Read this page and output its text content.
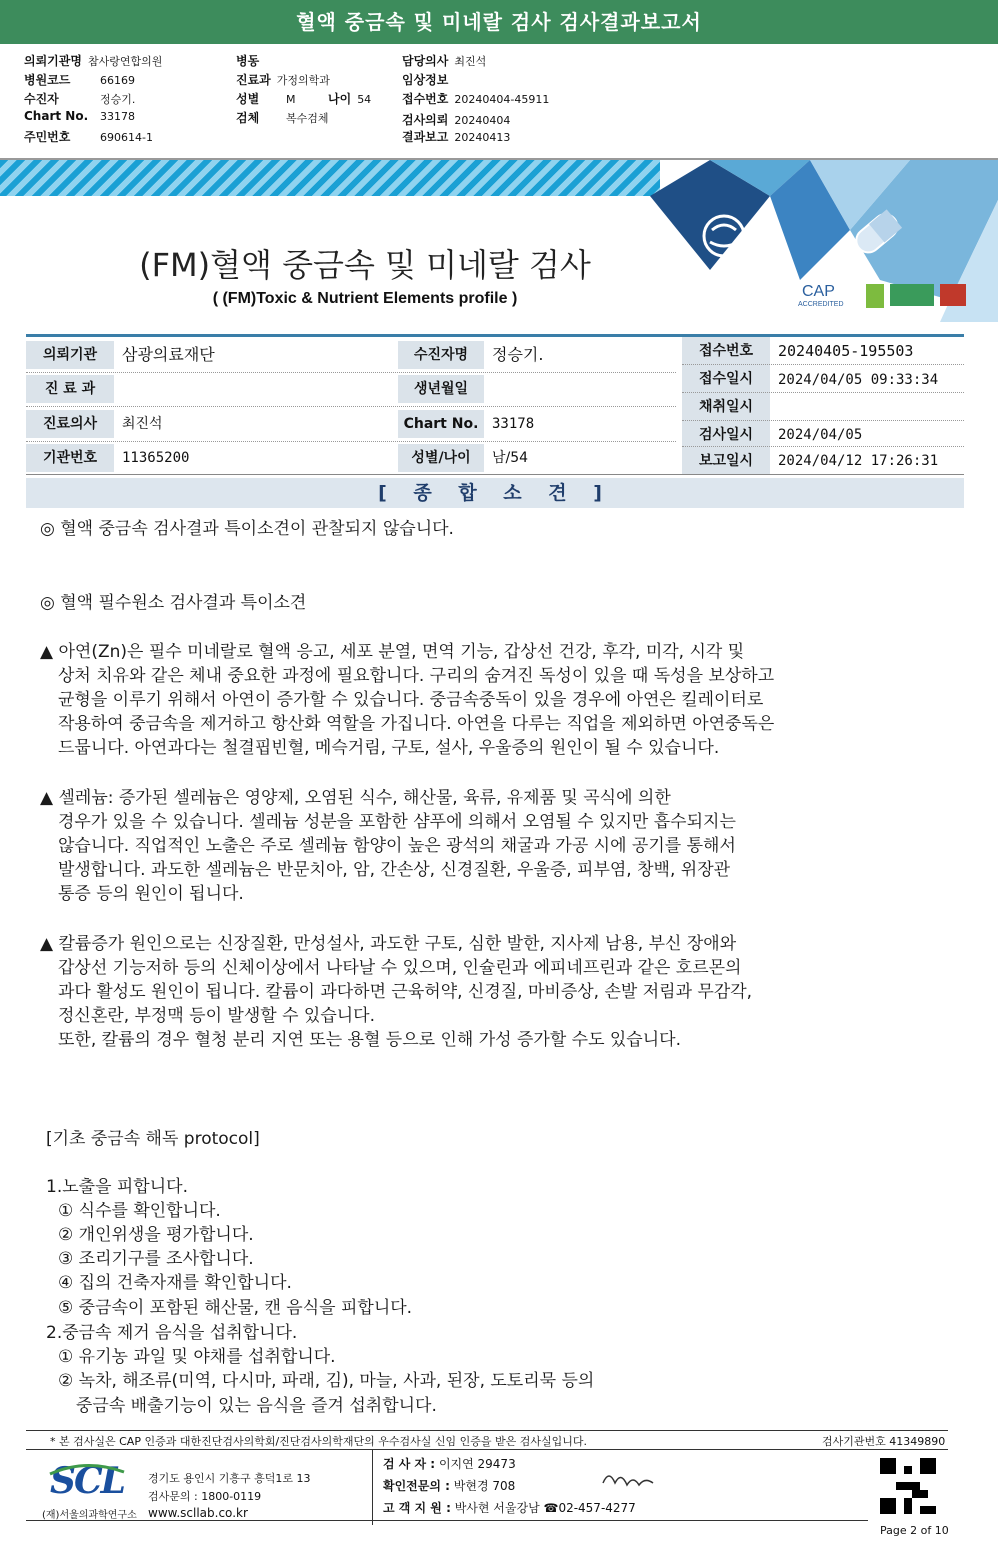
혈액 중금속 및 미네랄 검사 검사결과보고서
의뢰기관명 참사랑연합의원
병원코드	66169
수진자	정승기.
Chart No. 33178
주민번호	690614-1
병동
진료과 가정의학과
성별 M	나이 54
검체 복수검체
담당의사 최진석
임상정보
접수번호 20240404-45911
검사의뢰 20240404
결과보고 20240413
CAP
ACCREDITED
(FM)혈액 중금속 및 미네랄 검사
( (FM)Toxic & Nutrient Elements profile )
의뢰기관	삼광의료재단	수진자명	정승기.
진 료 과	생년월일
진료의사	최진석	Chart No. 33178
기관번호	11365200	성별/나이	남/54
접수번호	20240405-195503
접수일시	2024/04/05 09:33:34
채취일시
검사일시	2024/04/05
보고일시	2024/04/12 17:26:31
[ 종 합 소 견 ]
◎ 혈액 중금속 검사결과 특이소견이 관찰되지 않습니다.
◎ 혈액 필수원소 검사결과 특이소견
▲ 아연(Zn)은 필수 미네랄로 혈액 응고, 세포 분열, 면역 기능, 갑상선 건강, 후각, 미각, 시각 및
상처 치유와 같은 체내 중요한 과정에 필요합니다. 구리의 숨겨진 독성이 있을 때 독성을 보상하고
균형을 이루기 위해서 아연이 증가할 수 있습니다. 중금속중독이 있을 경우에 아연은 킬레이터로
작용하여 중금속을 제거하고 항산화 역할을 가집니다. 아연을 다루는 직업을 제외하면 아연중독은
드뭅니다. 아연과다는 철결핍빈혈, 메슥거림, 구토, 설사, 우울증의 원인이 될 수 있습니다.
▲ 셀레늄: 증가된 셀레늄은 영양제, 오염된 식수, 해산물, 육류, 유제품 및 곡식에 의한
경우가 있을 수 있습니다. 셀레늄 성분을 포함한 샴푸에 의해서 오염될 수 있지만 흡수되지는
않습니다. 직업적인 노출은 주로 셀레늄 함양이 높은 광석의 채굴과 가공 시에 공기를 통해서
발생합니다. 과도한 셀레늄은 반문치아, 암, 간손상, 신경질환, 우울증, 피부염, 창백, 위장관
통증 등의 원인이 됩니다.
▲ 칼륨증가 원인으로는 신장질환, 만성설사, 과도한 구토, 심한 발한, 지사제 남용, 부신 장애와
갑상선 기능저하 등의 신체이상에서 나타날 수 있으며, 인슐린과 에피네프린과 같은 호르몬의
과다 활성도 원인이 됩니다. 칼륨이 과다하면 근육허약, 신경질, 마비증상, 손발 저림과 무감각,
정신혼란, 부정맥 등이 발생할 수 있습니다.
또한, 칼륨의 경우 혈청 분리 지연 또는 용혈 등으로 인해 가성 증가할 수도 있습니다.
[기초 중금속 해독 protocol]
1.노출을 피합니다.
① 식수를 확인합니다.
② 개인위생을 평가합니다.
③ 조리기구를 조사합니다.
④ 집의 건축자재를 확인합니다.
⑤ 중금속이 포함된 해산물, 캔 음식을 피합니다.
2.중금속 제거 음식을 섭취합니다.
① 유기농 과일 및 야채를 섭취합니다.
② 녹차, 해조류(미역, 다시마, 파래, 김), 마늘, 사과, 된장, 도토리묵 등의
중금속 배출기능이 있는 음식을 즐겨 섭취합니다.
* 본 검사실은 CAP 인증과 대한진단검사의학회/진단검사의학재단의 우수검사실 신임 인증을 받은 검사실입니다.	검사기관번호 41349890
SCL
(재)서울의과학연구소
경기도 용인시 기흥구 흥덕1로 13
검사문의 : 1800-0119
www.scllab.co.kr
검 사 자 : 이지연 29473
확인전문의 : 박현경 708
고 객 지 원 : 박사현 서울강남 ☎02-457-4277
Page 2 of 10
